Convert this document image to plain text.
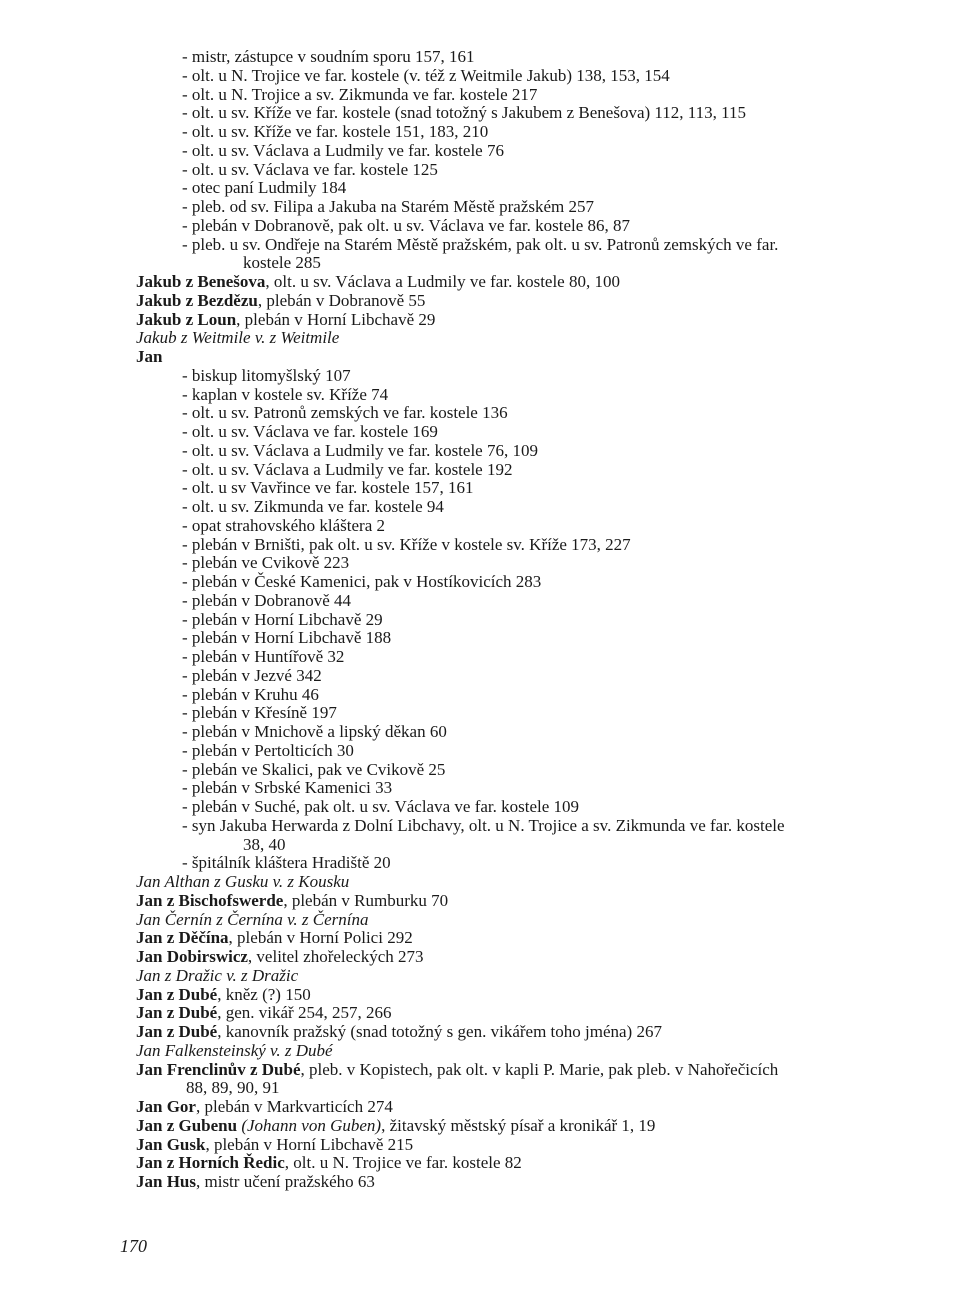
- mistr, zástupce v soudním sporu 157, 161
- olt. u N. Trojice ve far. kostele (v. též z Weitmile Jakub) 138, 153, 154
- olt. u N. Trojice a sv. Zikmunda ve far. kostele 217
- olt. u sv. Kříže ve far. kostele (snad totožný s Jakubem z Benešova) 112, 113, 115
- olt. u sv. Kříže ve far. kostele 151, 183, 210
- olt. u sv. Václava a Ludmily ve far. kostele 76
- olt. u sv. Václava ve far. kostele 125
- otec paní Ludmily 184
- pleb. od sv. Filipa a Jakuba na Starém Městě pražském 257
- plebán v Dobranově, pak olt. u sv. Václava ve far. kostele 86, 87
- pleb. u sv. Ondřeje na Starém Městě pražském, pak olt. u sv. Patronů zemských ve far.
kostele 285
Jakub z Benešova, olt. u sv. Václava a Ludmily ve far. kostele 80, 100
Jakub z Bezdězu, plebán v Dobranově 55
Jakub z Loun, plebán v Horní Libchavě 29
Jakub z Weitmile v. z Weitmile
Jan
- biskup litomyšlský 107
- kaplan v kostele sv. Kříže 74
- olt. u sv. Patronů zemských ve far. kostele 136
- olt. u sv. Václava ve far. kostele 169
- olt. u sv. Václava a Ludmily ve far. kostele 76, 109
- olt. u sv. Václava a Ludmily ve far. kostele 192
- olt. u sv Vavřince ve far. kostele 157, 161
- olt. u sv. Zikmunda ve far. kostele 94
- opat strahovského kláštera 2
- plebán v Brništi, pak olt. u sv. Kříže v kostele sv. Kříže 173, 227
- plebán ve Cvikově 223
- plebán v České Kamenici, pak v Hostíkovicích 283
- plebán v Dobranově 44
- plebán v Horní Libchavě 29
- plebán v Horní Libchavě 188
- plebán v Huntířově 32
- plebán v Jezvé 342
- plebán v Kruhu 46
- plebán v Křesíně 197
- plebán v Mnichově a lipský děkan 60
- plebán v Pertolticích 30
- plebán ve Skalici, pak ve Cvikově 25
- plebán v Srbské Kamenici 33
- plebán v Suché, pak olt. u sv. Václava ve far. kostele 109
- syn Jakuba Herwarda z Dolní Libchavy, olt. u N. Trojice a sv. Zikmunda ve far. kostele
38, 40
- špitálník kláštera Hradiště 20
Jan Althan z Gusku v. z Kousku
Jan z Bischofswerde, plebán v Rumburku 70
Jan Černín z Černína v. z Černína
Jan z Děčína, plebán v Horní Polici 292
Jan Dobirswicz, velitel zhořeleckých 273
Jan z Dražic v. z Dražic
Jan z Dubé, kněz (?) 150
Jan z Dubé, gen. vikář 254, 257, 266
Jan z Dubé, kanovník pražský (snad totožný s gen. vikářem toho jména) 267
Jan Falkensteinský v. z Dubé
Jan Frenclinův z Dubé, pleb. v Kopistech, pak olt. v kapli P. Marie, pak pleb. v Nahořečicích
88, 89, 90, 91
Jan Gor, plebán v Markvarticích 274
Jan z Gubenu (Johann von Guben), žitavský městský písař a kronikář 1, 19
Jan Gusk, plebán v Horní Libchavě 215
Jan z Horních Ředic, olt. u N. Trojice ve far. kostele 82
Jan Hus, mistr učení pražského 63
170
